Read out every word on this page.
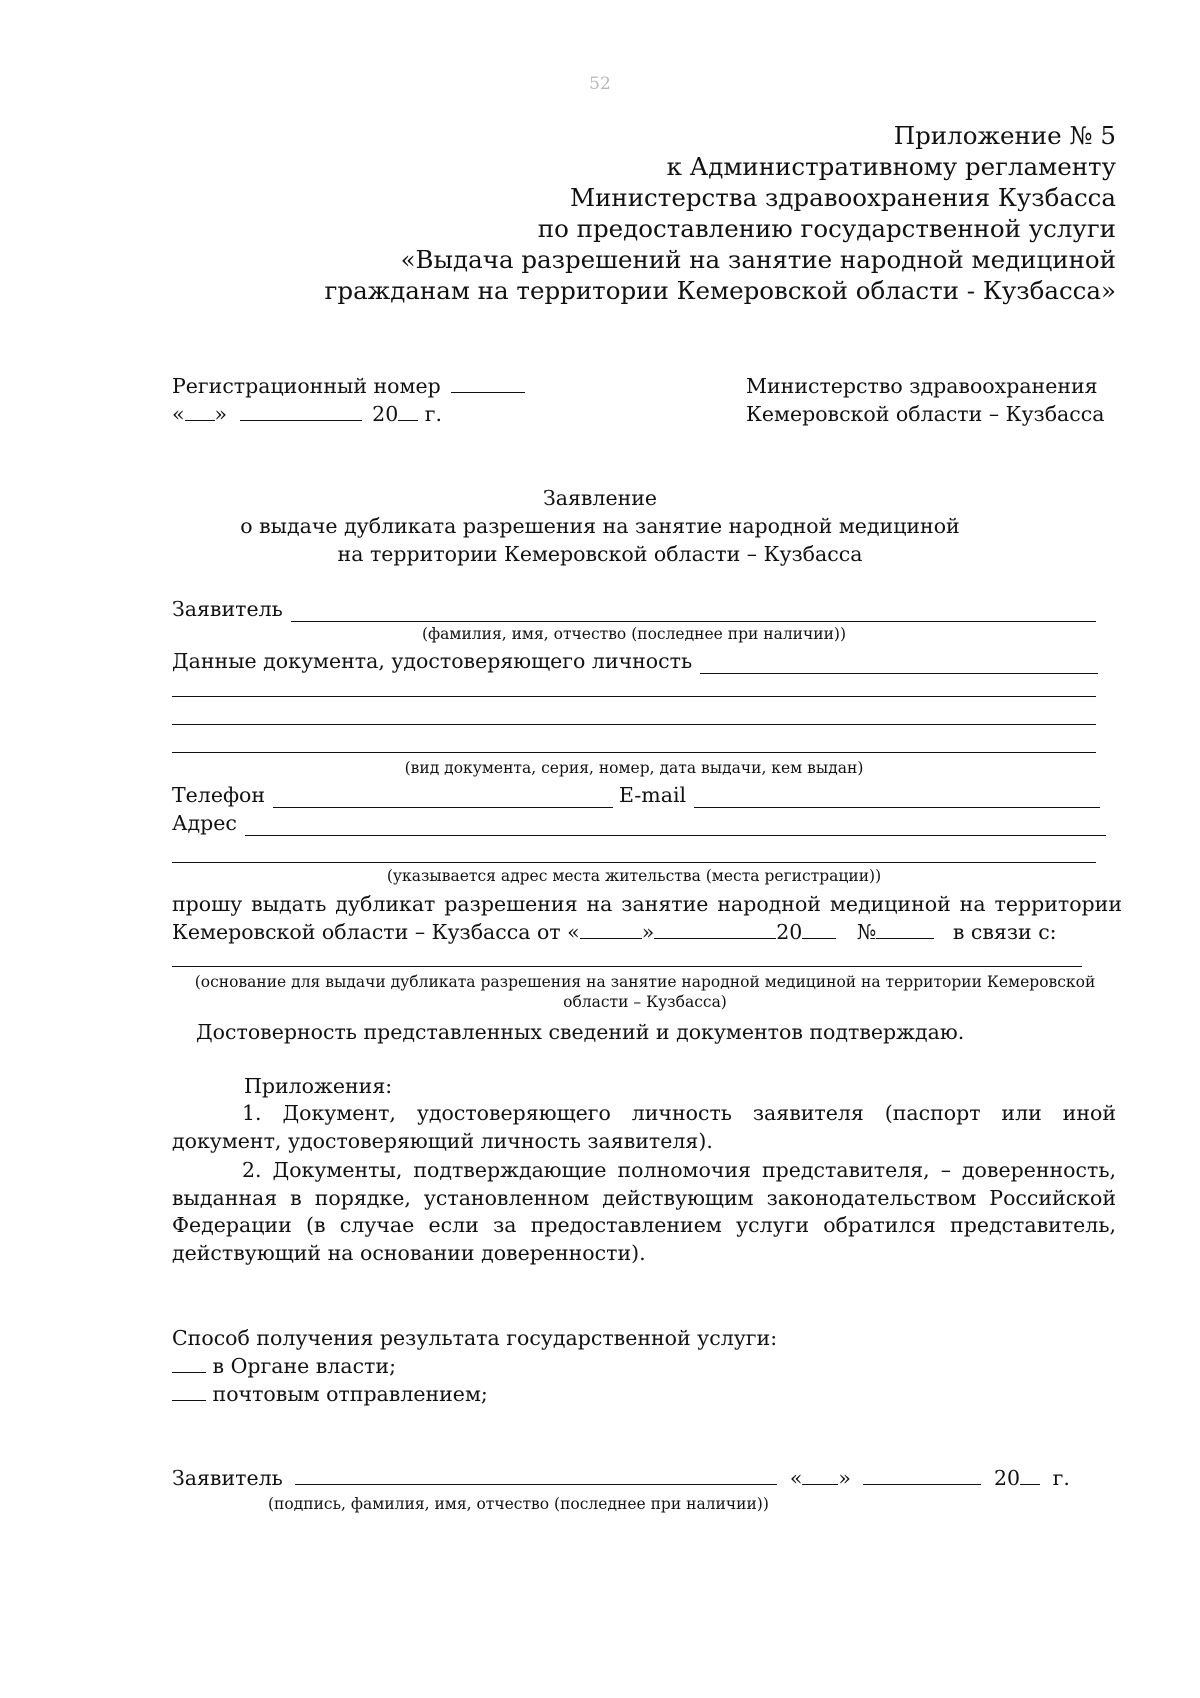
52
Приложение № 5
к Административному регламенту
Министерства здравоохранения Кузбасса
по предоставлению государственной услуги
«Выдача разрешений на занятие народной медициной
гражданам на территории Кемеровской области - Кузбасса»
Регистрационный номер
« »	20 г.
Министерство здравоохранения
Кемеровской области – Кузбасса
Заявление
о выдаче дубликата разрешения на занятие народной медициной
на территории Кемеровской области – Кузбасса
Заявитель
(фамилия, имя, отчество (последнее при наличии))
Данные документа, удостоверяющего личность
(вид документа, серия, номер, дата выдачи, кем выдан)
Телефон	E-mail
Адрес
(указывается адрес места жительства (места регистрации))
прошу выдать дубликат разрешения на занятие народной медициной на территории
Кемеровской области – Кузбасса от «	»	20	№	в связи с:
(основание для выдачи дубликата разрешения на занятие народной медициной на территории Кемеровской
области – Кузбасса)
Достоверность представленных сведений и документов подтверждаю.
Приложения:
1. Документ, удостоверяющего личность заявителя (паспорт или иной документ, удостоверяющий личность заявителя).
2. Документы, подтверждающие полномочия представителя, – доверенность, выданная в порядке, установленном действующим законодательством Российской Федерации (в случае если за предоставлением услуги обратился представитель, действующий на основании доверенности).
Способ получения результата государственной услуги:
в Органе власти;
почтовым отправлением;
Заявитель	« »	20 г.
(подпись, фамилия, имя, отчество (последнее при наличии))
